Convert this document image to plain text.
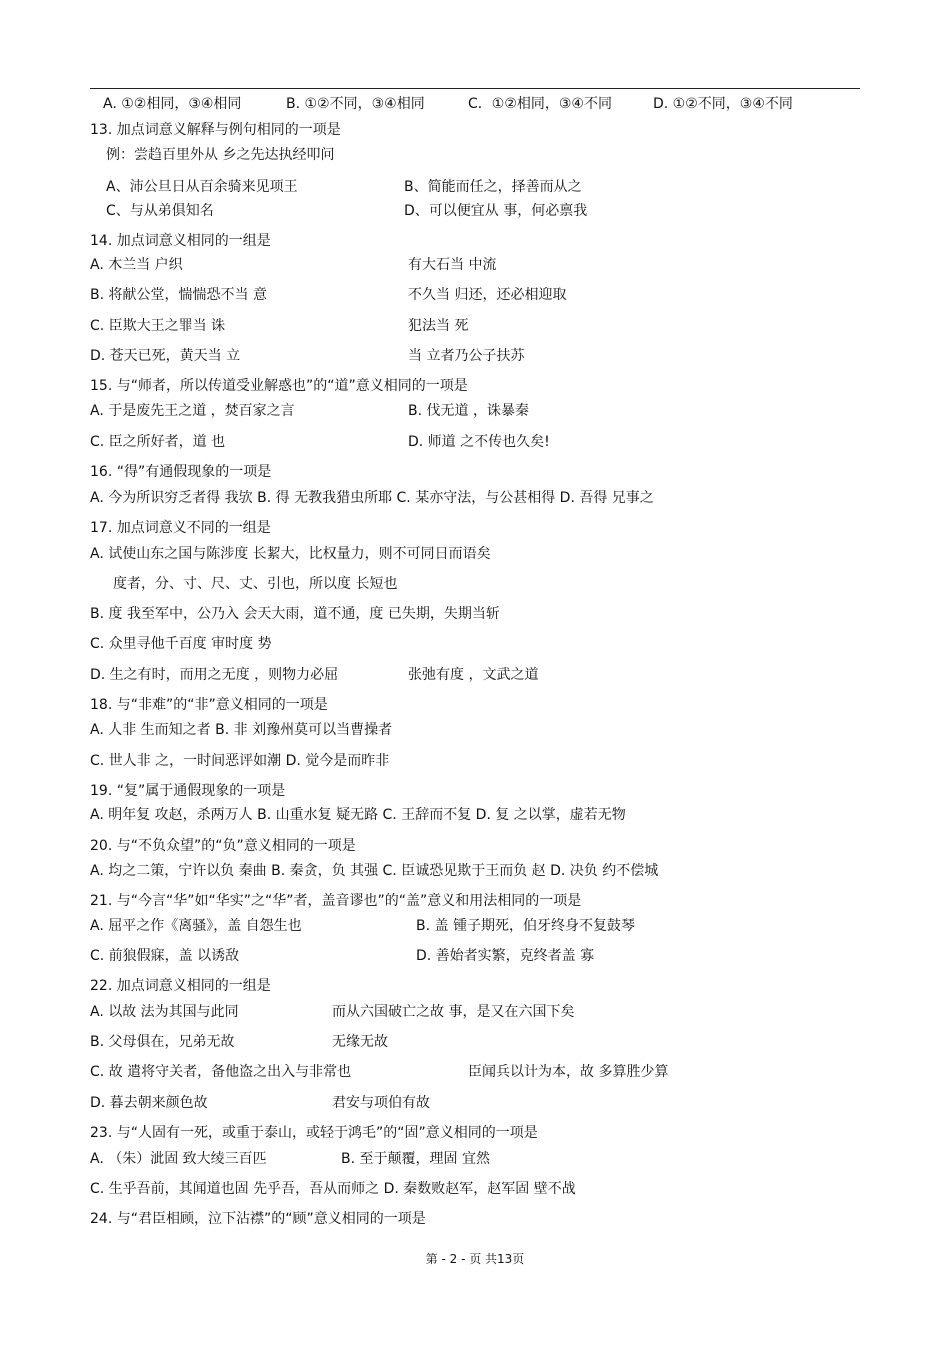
A. ①②相同，③④相同	B. ①②不同，③④相同	C．①②相同，③④不同	D. ①②不同，③④不同
13. 加点词意义解释与例句相同的一项是
例：尝趋百里外从 乡之先达执经叩问
A、沛公旦日从百余骑来见项王	B、简能而任之，择善而从之
C、与从弟俱知名	D、可以便宜从 事，何必禀我
14. 加点词意义相同的一组是
A. 木兰当 户织	有大石当 中流
B. 将献公堂，惴惴恐不当 意	不久当 归还，还必相迎取
C. 臣欺大王之罪当 诛	犯法当 死
D. 苍天已死，黄天当 立	当 立者乃公子扶苏
15. 与“师者，所以传道受业解惑也”的“道”意义相同的一项是
A. 于是废先王之道 ，焚百家之言	B. 伐无道 ，诛暴秦
C. 臣之所好者，道 也	D. 师道 之不传也久矣!
16. “得”有通假现象的一项是
A. 今为所识穷乏者得 我欤 B. 得 无教我猎虫所耶 C. 某亦守法，与公甚相得 D. 吾得 兄事之
17. 加点词意义不同的一组是
A. 试使山东之国与陈涉度 长絜大，比权量力，则不可同日而语矣
度者，分、寸、尺、丈、引也，所以度 长短也
B. 度 我至军中，公乃入 会天大雨，道不通，度 已失期，失期当斩
C. 众里寻他千百度 审时度 势
D. 生之有时，而用之无度 ，则物力必屈	张弛有度 ，文武之道
18. 与“非难”的“非”意义相同的一项是
A. 人非 生而知之者 B. 非 刘豫州莫可以当曹操者
C. 世人非 之，一时间恶评如潮 D. 觉今是而昨非
19. “复”属于通假现象的一项是
A. 明年复 攻赵，杀两万人 B. 山重水复 疑无路 C. 王辞而不复 D. 复 之以掌，虚若无物
20. 与“不负众望”的“负”意义相同的一项是
A. 均之二策，宁许以负 秦曲 B. 秦贪，负 其强 C. 臣诚恐见欺于王而负 赵 D. 决负 约不偿城
21. 与“今言“华”如“华实”之“华”者，盖音谬也”的“盖”意义和用法相同的一项是
A. 屈平之作《离骚》，盖 自怨生也	B. 盖 锺子期死，伯牙终身不复鼓琴
C. 前狼假寐，盖 以诱敌	D. 善始者实繁，克终者盖 寡
22. 加点词意义相同的一组是
A. 以故 法为其国与此同	而从六国破亡之故 事，是又在六国下矣
B. 父母俱在，兄弟无故	无缘无故
C. 故 遣将守关者，备他盗之出入与非常也	臣闻兵以计为本，故 多算胜少算
D. 暮去朝来颜色故	君安与项伯有故
23. 与“人固有一死，或重于泰山，或轻于鸿毛”的“固”意义相同的一项是
A. （朱）泚固 致大绫三百匹	B. 至于颠覆，理固 宜然
C. 生乎吾前，其闻道也固 先乎吾，吾从而师之 D. 秦数败赵军，赵军固 壁不战
24. 与“君臣相顾，泣下沾襟”的“顾”意义相同的一项是
第 - 2 - 页 共13页
